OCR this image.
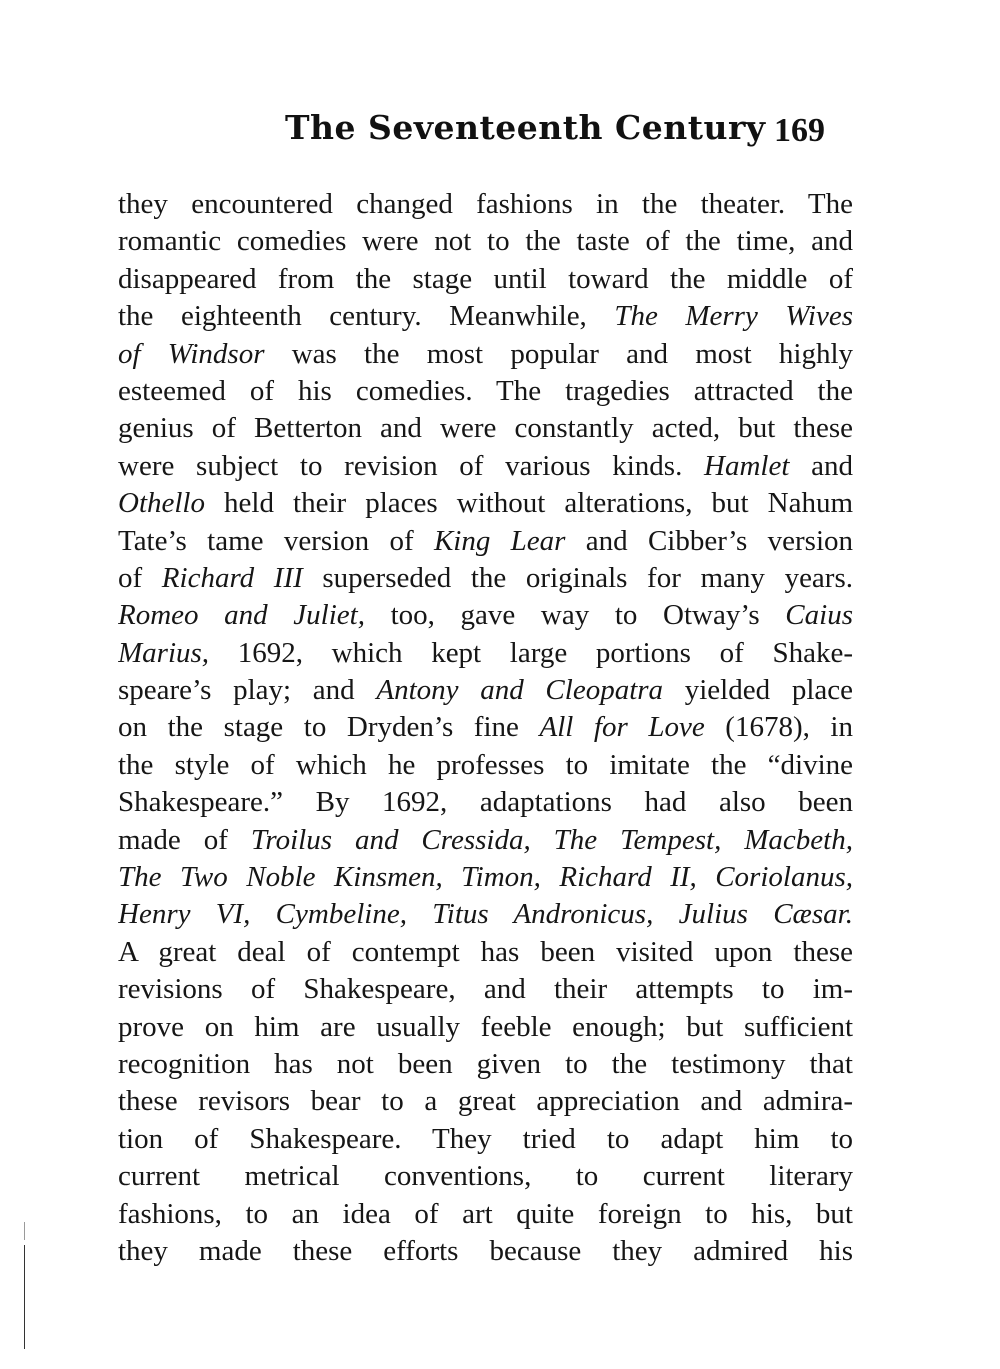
The Seventeenth Century 169
they encountered changed fashions in the theater. The
romantic comedies were not to the taste of the time, and
disappeared from the stage until toward the middle of
the eighteenth century. Meanwhile, The Merry Wives
of Windsor was the most popular and most highly
esteemed of his comedies. The tragedies attracted the
genius of Betterton and were constantly acted, but these
were subject to revision of various kinds. Hamlet and
Othello held their places without alterations, but Nahum
Tate’s tame version of King Lear and Cibber’s version
of Richard III superseded the originals for many years.
Romeo and Juliet, too, gave way to Otway’s Caius
Marius, 1692, which kept large portions of Shake-
speare’s play; and Antony and Cleopatra yielded place
on the stage to Dryden’s fine All for Love (1678), in
the style of which he professes to imitate the “divine
Shakespeare.” By 1692, adaptations had also been
made of Troilus and Cressida, The Tempest, Macbeth,
The Two Noble Kinsmen, Timon, Richard II, Coriolanus,
Henry VI, Cymbeline, Titus Andronicus, Julius Cæsar.
A great deal of contempt has been visited upon these
revisions of Shakespeare, and their attempts to im-
prove on him are usually feeble enough; but sufficient
recognition has not been given to the testimony that
these revisors bear to a great appreciation and admira-
tion of Shakespeare. They tried to adapt him to
current metrical conventions, to current literary
fashions, to an idea of art quite foreign to his, but
they made these efforts because they admired his
